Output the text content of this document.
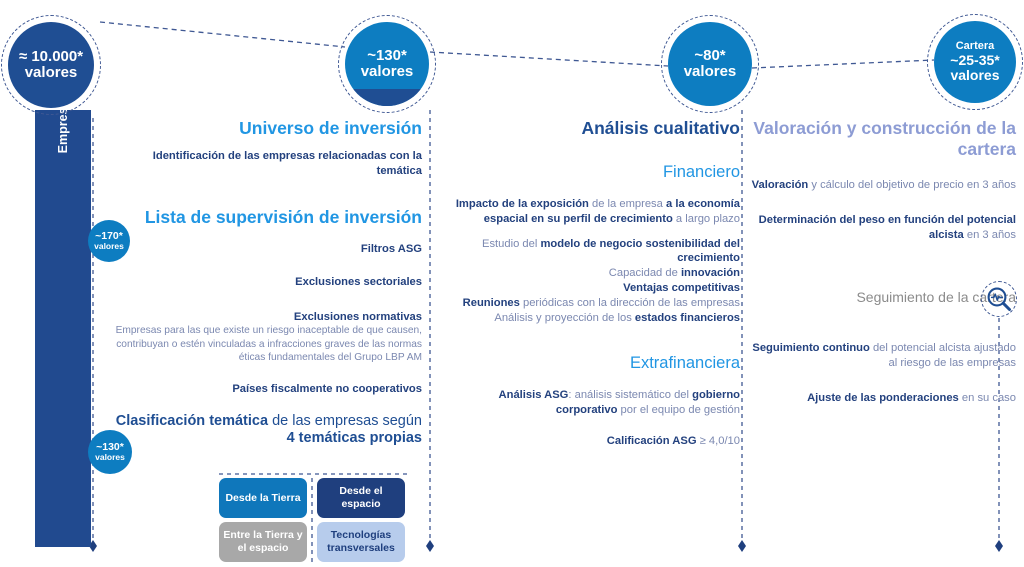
≈ 10.000*
valores
~130*
valores
~80*
valores
Cartera
~25-35*
valores
~170*
valores
~130*
valores
Universo de inversión
Identificación de las empresas relacionadas con la temática
Lista de supervisión de inversión
Filtros ASG
Exclusiones sectoriales
Exclusiones normativas
Empresas para las que existe un riesgo inaceptable de que causen, contribuyan o estén vinculadas a infracciones graves de las normas éticas fundamentales del Grupo LBP AM
Países fiscalmente no cooperativos
Clasificación temática de las empresas según 4 temáticas propias
Desde la Tierra
Desde el espacio
Entre la Tierra y el espacio
Tecnologías transversales
Análisis cualitativo
Financiero
Impacto de la exposición de la empresa a la economía espacial en su perfil de crecimiento a largo plazo
Estudio del modelo de negocio sostenibilidad del crecimiento
Capacidad de innovación
Ventajas competitivas
Reuniones periódicas con la dirección de las empresas
Análisis y proyección de los estados financieros
Extrafinanciera
Análisis ASG: análisis sistemático del gobierno corporativo por el equipo de gestión
Calificación ASG ≥ 4,0/10
Valoración y construcción de la cartera
Valoración y cálculo del objetivo de precio en 3 años
Determinación del peso en función del potencial alcista en 3 años
Seguimiento de la cartera
Seguimiento continuo del potencial alcista ajustado al riesgo de las empresas
Ajuste de las ponderaciones en su caso
